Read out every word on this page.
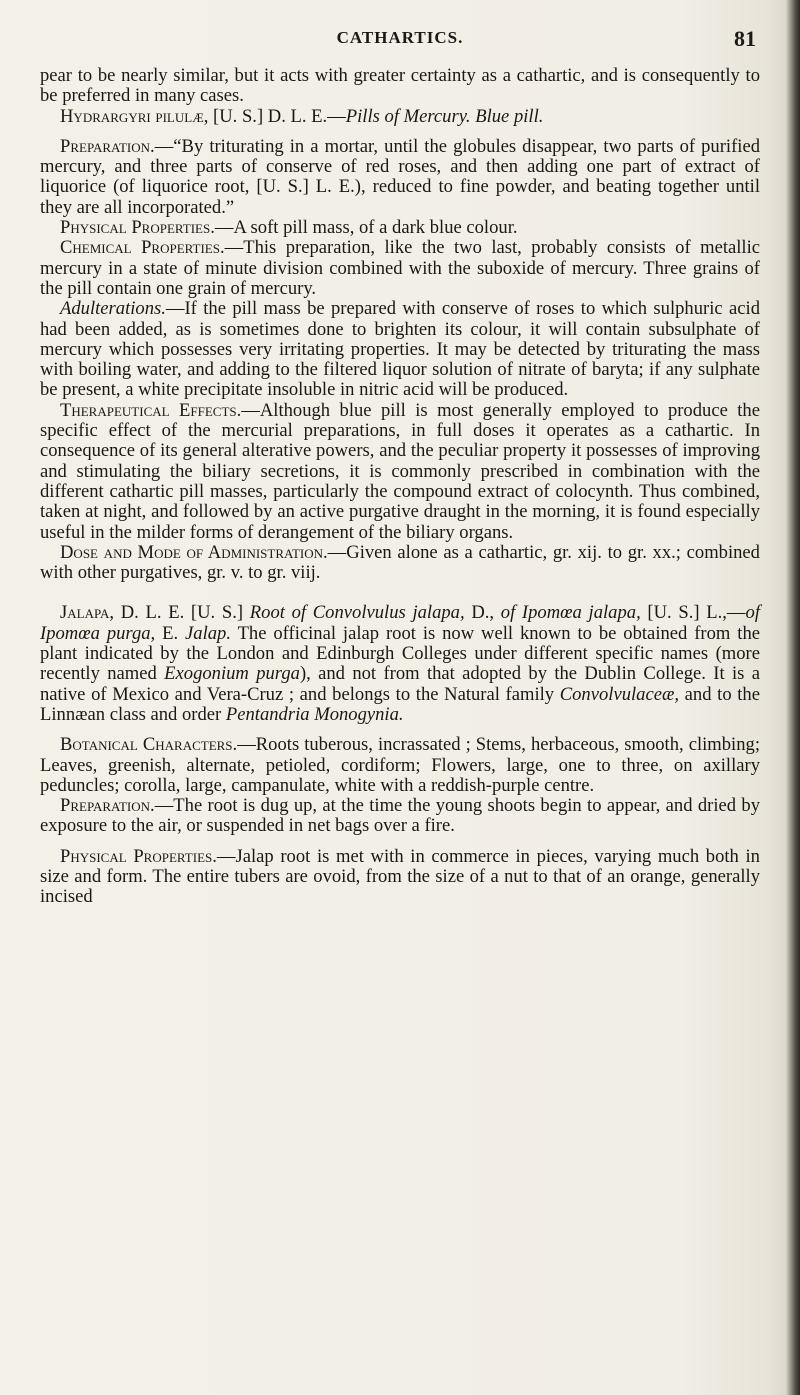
CATHARTICS.	81

pear to be nearly similar, but it acts with greater certainty as a cathartic, and is consequently to be preferred in many cases.

Hydrargyri pilulæ, [U. S.] D. L. E.—Pills of Mercury. Blue pill.

Preparation.—“By triturating in a mortar, until the globules disappear, two parts of purified mercury, and three parts of conserve of red roses, and then adding one part of extract of liquorice (of liquorice root, [U. S.] L. E.), reduced to fine powder, and beating together until they are all incorporated.”

Physical Properties.—A soft pill mass, of a dark blue colour.

Chemical Properties.—This preparation, like the two last, probably consists of metallic mercury in a state of minute division combined with the suboxide of mercury. Three grains of the pill contain one grain of mercury.

Adulterations.—If the pill mass be prepared with conserve of roses to which sulphuric acid had been added, as is sometimes done to brighten its colour, it will contain subsulphate of mercury which possesses very irritating properties. It may be detected by triturating the mass with boiling water, and adding to the filtered liquor solution of nitrate of baryta; if any sulphate be present, a white precipitate insoluble in nitric acid will be produced.

Therapeutical Effects.—Although blue pill is most generally employed to produce the specific effect of the mercurial preparations, in full doses it operates as a cathartic. In consequence of its general alterative powers, and the peculiar property it possesses of improving and stimulating the biliary secretions, it is commonly prescribed in combination with the different cathartic pill masses, particularly the compound extract of colocynth. Thus combined, taken at night, and followed by an active purgative draught in the morning, it is found especially useful in the milder forms of derangement of the biliary organs.

Dose and Mode of Administration.—Given alone as a cathartic, gr. xij. to gr. xx.; combined with other purgatives, gr. v. to gr. viij.

Jalapa, D. L. E. [U. S.] Root of Convolvulus jalapa, D., of Ipomœa jalapa, [U. S.] L.,—of Ipomœa purga, E. Jalap. The officinal jalap root is now well known to be obtained from the plant indicated by the London and Edinburgh Colleges under different specific names (more recently named Exogonium purga), and not from that adopted by the Dublin College. It is a native of Mexico and Vera-Cruz ; and belongs to the Natural family Convolvulaceæ, and to the Linnæan class and order Pentandria Monogynia.

Botanical Characters.—Roots tuberous, incrassated ; Stems, herbaceous, smooth, climbing; Leaves, greenish, alternate, petioled, cordiform; Flowers, large, one to three, on axillary peduncles; corolla, large, campanulate, white with a reddish-purple centre.

Preparation.—The root is dug up, at the time the young shoots begin to appear, and dried by exposure to the air, or suspended in net bags over a fire.

Physical Properties.—Jalap root is met with in commerce in pieces, varying much both in size and form. The entire tubers are ovoid, from the size of a nut to that of an orange, generally incised
